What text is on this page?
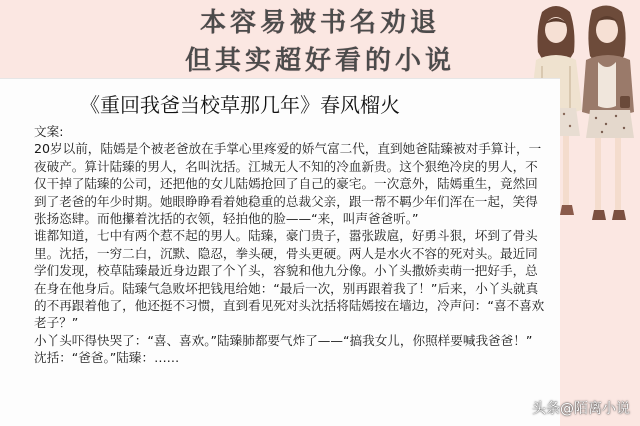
本容易被书名劝退
但其实超好看的小说
《重回我爸当校草那几年》春风榴火

文案:

20岁以前，陆嫣是个被老爸放在手掌心里疼爱的娇气富二代，直到她爸陆臻被对手算计，一夜破产。算计陆臻的男人，名叫沈括。江城无人不知的冷血新贵。这个狠绝冷戾的男人，不仅干掉了陆臻的公司，还把他的女儿陆嫣抢回了自己的豪宅。一次意外，陆嫣重生，竟然回到了老爸的年少时期。她眼睁睁看着她稳重的总裁父亲，跟一帮不羁少年们浑在一起，笑得张扬恣肆。而他攥着沈括的衣领，轻拍他的脸——“来，叫声爸爸听。”

谁都知道，七中有两个惹不起的男人。陆臻，豪门贵子，嚣张跋扈，好勇斗狠，坏到了骨头里。沈括，一穷二白，沉默、隐忍，拳头硬，骨头更硬。两人是水火不容的死对头。最近同学们发现，校草陆臻最近身边跟了个丫头，容貌和他九分像。小丫头撒娇卖萌一把好手，总在身在他身后。陆臻气急败坏把钱甩给她：“最后一次，别再跟着我了！”后来，小丫头就真的不再跟着他了，他还挺不习惯，直到看见死对头沈括将陆嫣按在墙边，冷声问：“喜不喜欢老子？”

小丫头吓得快哭了：“喜、喜欢。”陆臻肺都要气炸了——“搞我女儿，你照样要喊我爸爸！”

沈括：“爸爸。”陆臻：……

头条@陌离小说
